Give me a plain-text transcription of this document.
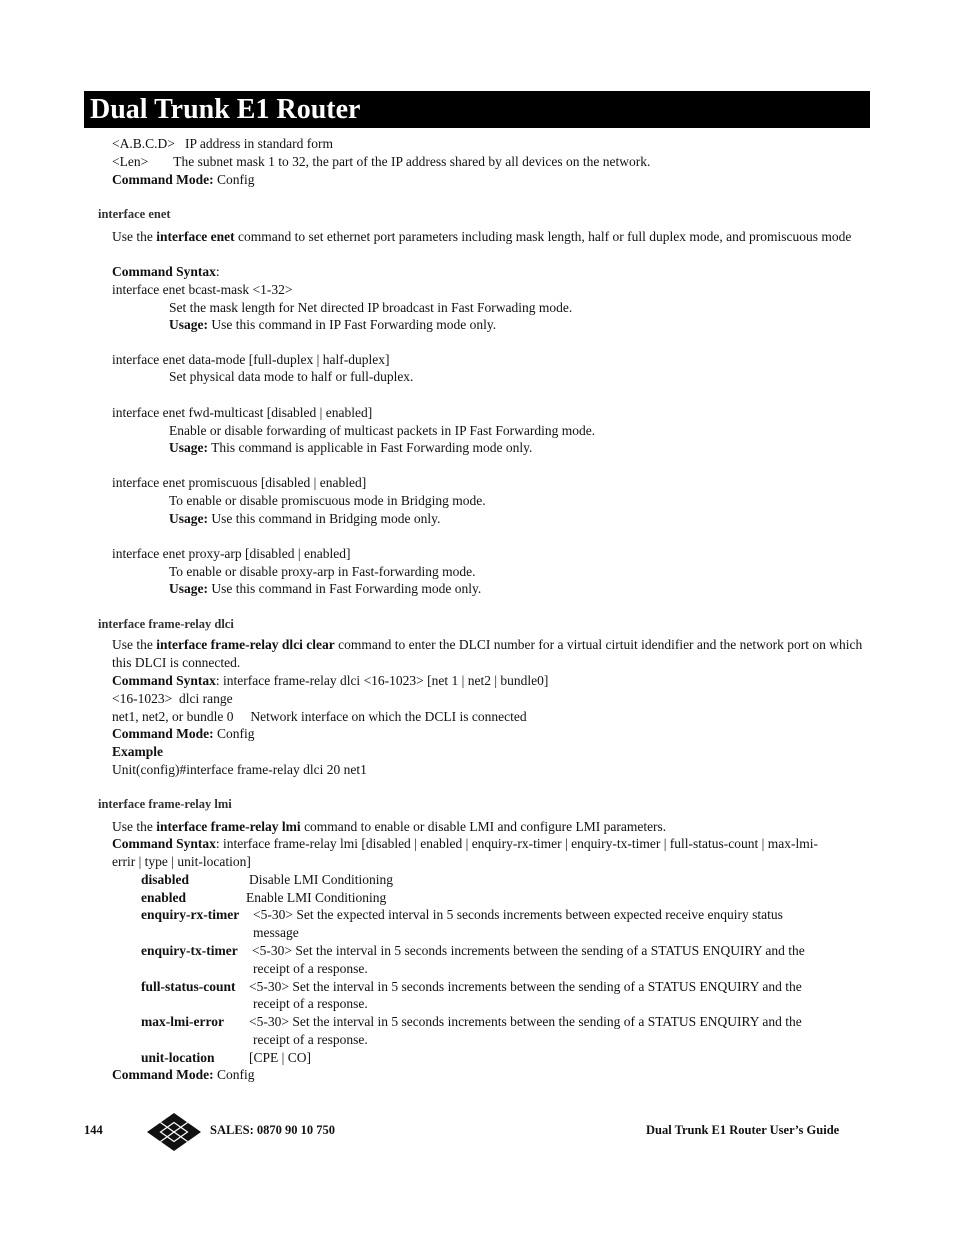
Dual Trunk E1 Router
<A.B.C.D> IP address in standard form
<Len> The subnet mask 1 to 32, the part of the IP address shared by all devices on the network.
Command Mode: Config
interface enet
Use the interface enet command to set ethernet port parameters including mask length, half or full duplex mode, and promiscuous mode
Command Syntax:
interface enet bcast-mask <1-32>
Set the mask length for Net directed IP broadcast in Fast Forwading mode.
Usage: Use this command in IP Fast Forwarding mode only.
interface enet data-mode [full-duplex | half-duplex]
Set physical data mode to half or full-duplex.
interface enet fwd-multicast [disabled | enabled]
Enable or disable forwarding of multicast packets in IP Fast Forwarding mode.
Usage: This command is applicable in Fast Forwarding mode only.
interface enet promiscuous [disabled | enabled]
To enable or disable promiscuous mode in Bridging mode.
Usage: Use this command in Bridging mode only.
interface enet proxy-arp [disabled | enabled]
To enable or disable proxy-arp in Fast-forwarding mode.
Usage: Use this command in Fast Forwarding mode only.
interface frame-relay dlci
Use the interface frame-relay dlci clear command to enter the DLCI number for a virtual cirtuit idendifier and the network port on which this DLCI is connected.
Command Syntax: interface frame-relay dlci <16-1023> [net 1 | net2 | bundle0]
<16-1023> dlci range
net1, net2, or bundle 0 Network interface on which the DCLI is connected
Command Mode: Config
Example
Unit(config)#interface frame-relay dlci 20 net1
interface frame-relay lmi
Use the interface frame-relay lmi command to enable or disable LMI and configure LMI parameters.
Command Syntax: interface frame-relay lmi [disabled | enabled | enquiry-rx-timer | enquiry-tx-timer | full-status-count | max-lmi-
errir | type | unit-location]
disabled	Disable LMI Conditioning
enabled	Enable LMI Conditioning
enquiry-rx-timer <5-30> Set the expected interval in 5 seconds increments between expected receive enquiry status
message
enquiry-tx-timer <5-30> Set the interval in 5 seconds increments between the sending of a STATUS ENQUIRY and the
receipt of a response.
full-status-count <5-30> Set the interval in 5 seconds increments between the sending of a STATUS ENQUIRY and the
receipt of a response.
max-lmi-error <5-30> Set the interval in 5 seconds increments between the sending of a STATUS ENQUIRY and the
receipt of a response.
unit-location	[CPE | CO]
Command Mode: Config
144	SALES: 0870 90 10 750	Dual Trunk E1 Router User’s Guide
